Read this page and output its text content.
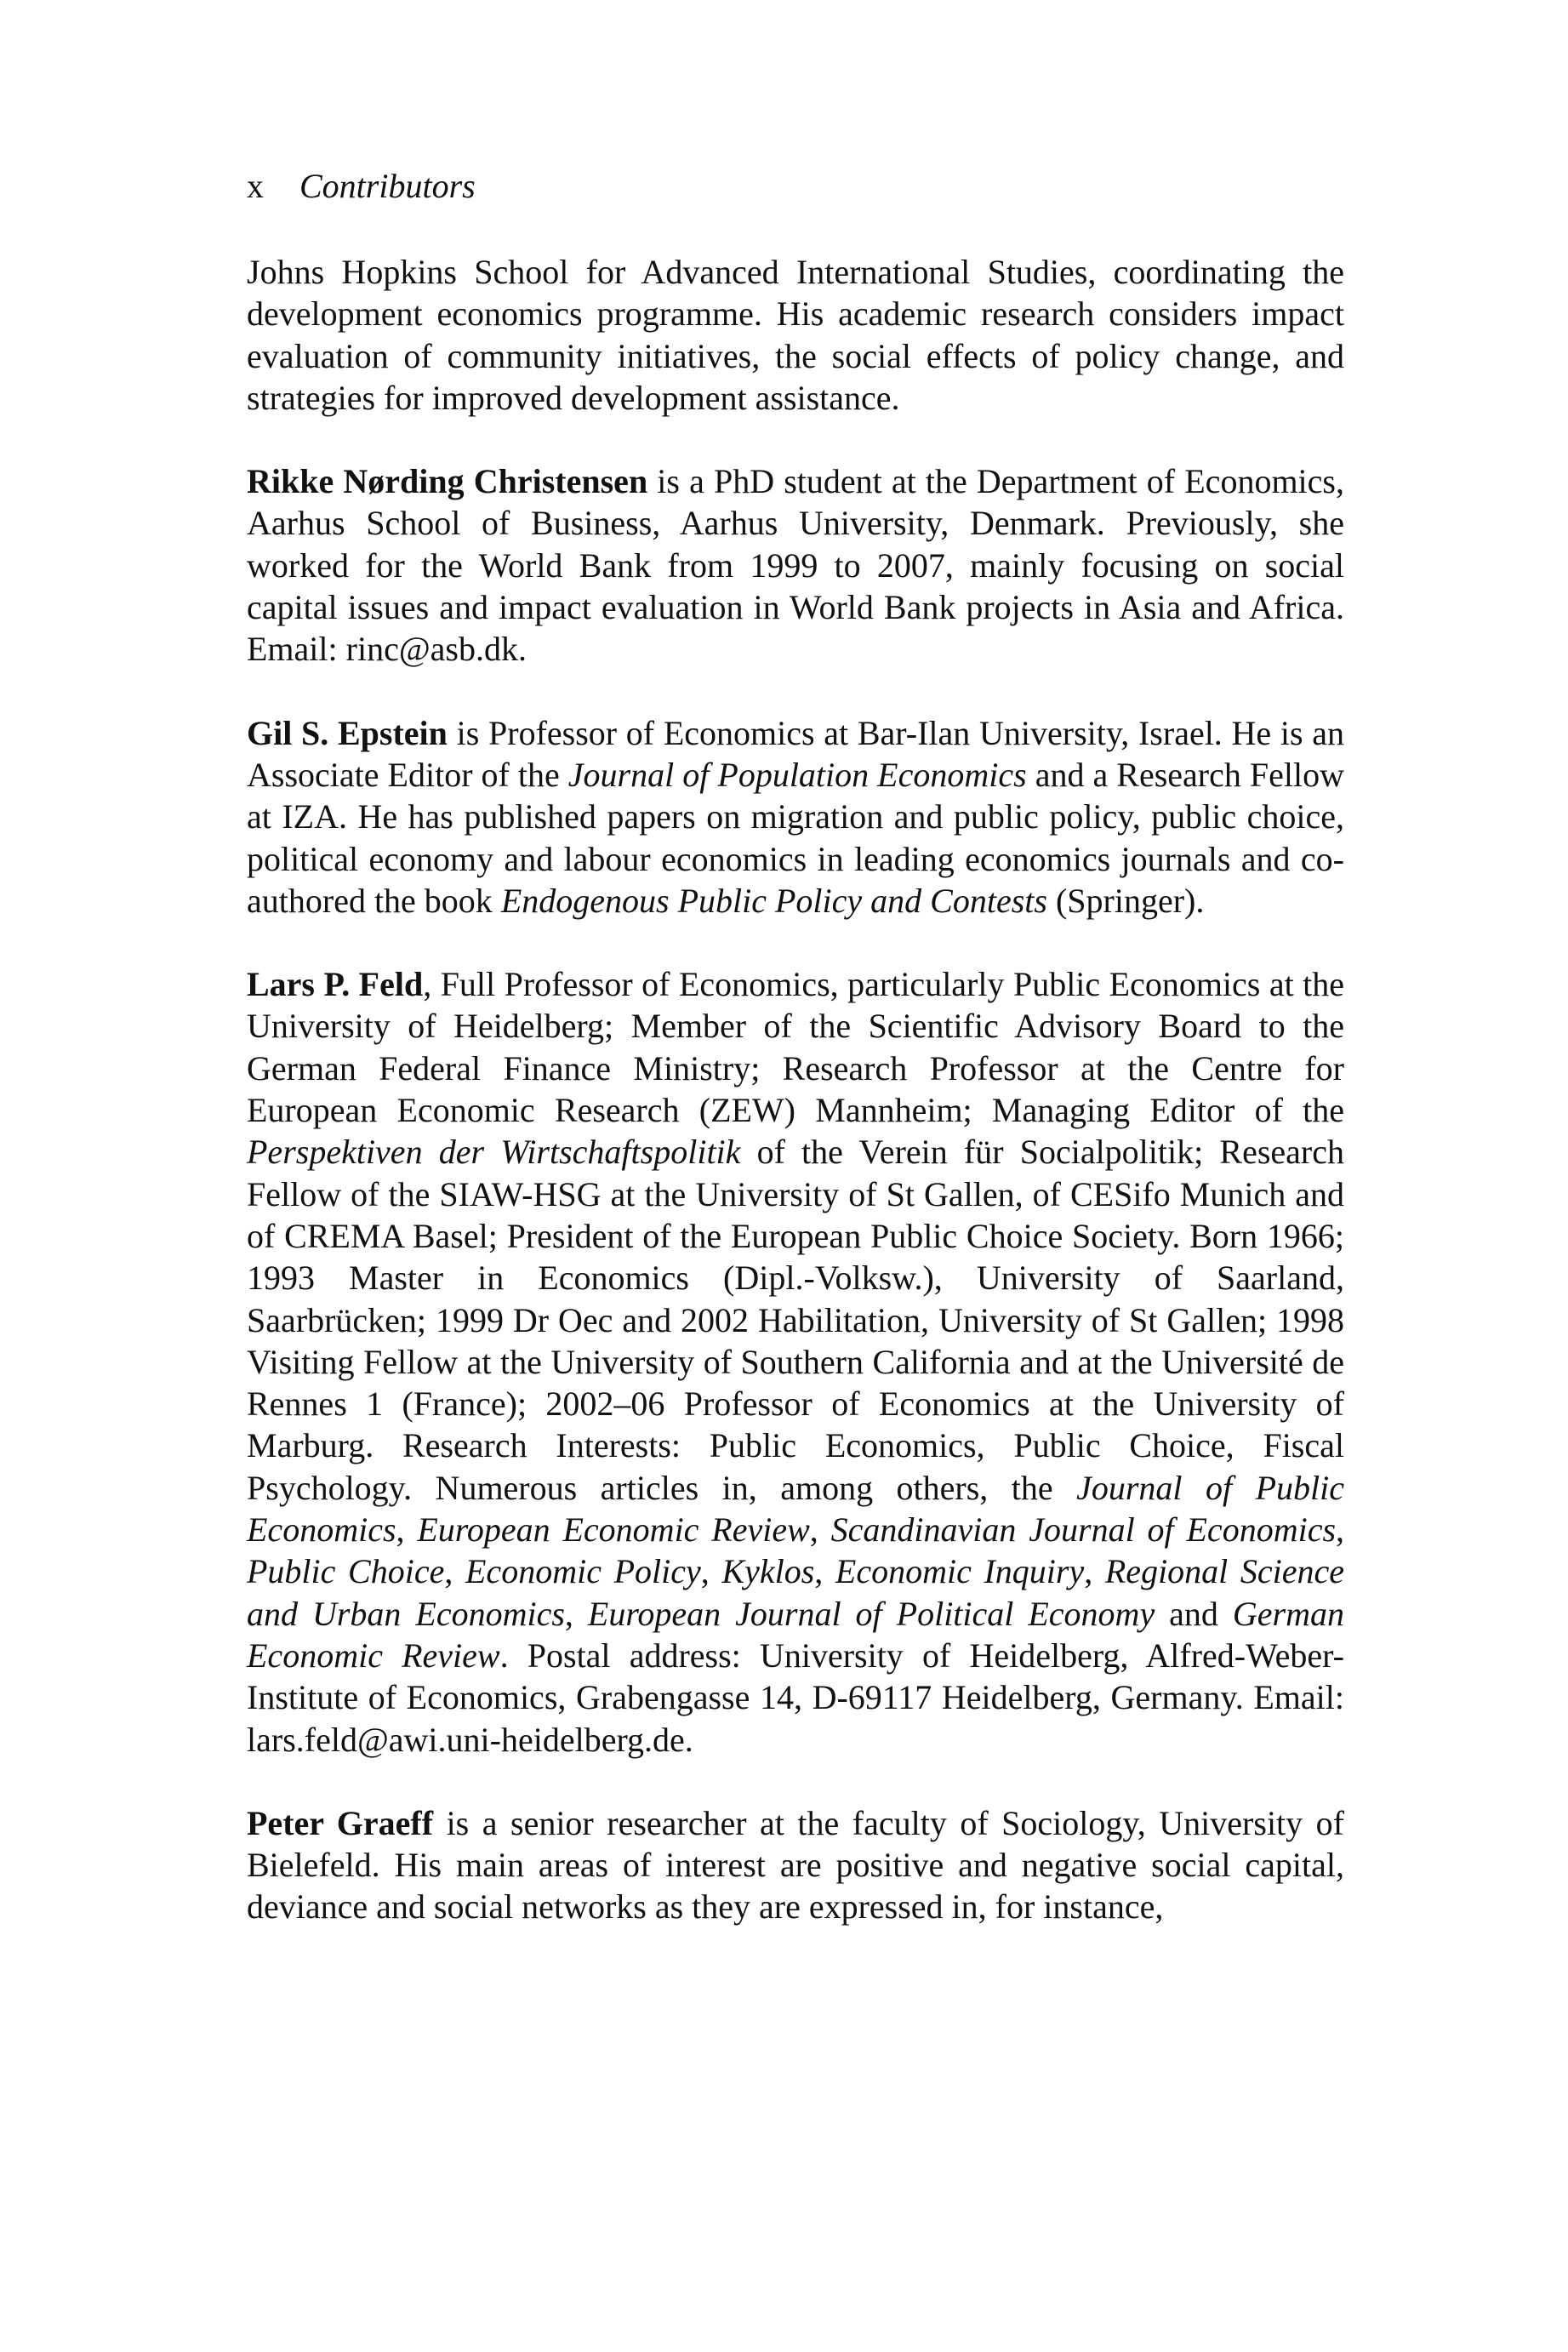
x Contributors

Johns Hopkins School for Advanced International Studies, coordinating the development economics programme. His academic research considers impact evaluation of community initiatives, the social effects of policy change, and strategies for improved development assistance.

Rikke Nørding Christensen is a PhD student at the Department of Economics, Aarhus School of Business, Aarhus University, Denmark. Previously, she worked for the World Bank from 1999 to 2007, mainly focusing on social capital issues and impact evaluation in World Bank projects in Asia and Africa. Email: rinc@asb.dk.

Gil S. Epstein is Professor of Economics at Bar-Ilan University, Israel. He is an Associate Editor of the Journal of Population Economics and a Research Fellow at IZA. He has published papers on migration and public policy, public choice, political economy and labour economics in leading economics journals and co-authored the book Endogenous Public Policy and Contests (Springer).

Lars P. Feld, Full Professor of Economics, particularly Public Economics at the University of Heidelberg; Member of the Scientific Advisory Board to the German Federal Finance Ministry; Research Professor at the Centre for European Economic Research (ZEW) Mannheim; Managing Editor of the Perspektiven der Wirtschaftspolitik of the Verein für Socialpolitik; Research Fellow of the SIAW-HSG at the University of St Gallen, of CESifo Munich and of CREMA Basel; President of the European Public Choice Society. Born 1966; 1993 Master in Economics (Dipl.-Volksw.), University of Saarland, Saarbrücken; 1999 Dr Oec and 2002 Habilitation, University of St Gallen; 1998 Visiting Fellow at the University of Southern California and at the Université de Rennes 1 (France); 2002–06 Professor of Economics at the University of Marburg. Research Interests: Public Economics, Public Choice, Fiscal Psychology. Numerous articles in, among others, the Journal of Public Economics, European Economic Review, Scandinavian Journal of Economics, Public Choice, Economic Policy, Kyklos, Economic Inquiry, Regional Science and Urban Economics, European Journal of Political Economy and German Economic Review. Postal address: University of Heidelberg, Alfred-Weber-Institute of Economics, Grabengasse 14, D-69117 Heidelberg, Germany. Email: lars.feld@awi.uni-heidelberg.de.

Peter Graeff is a senior researcher at the faculty of Sociology, University of Bielefeld. His main areas of interest are positive and negative social capital, deviance and social networks as they are expressed in, for instance,
